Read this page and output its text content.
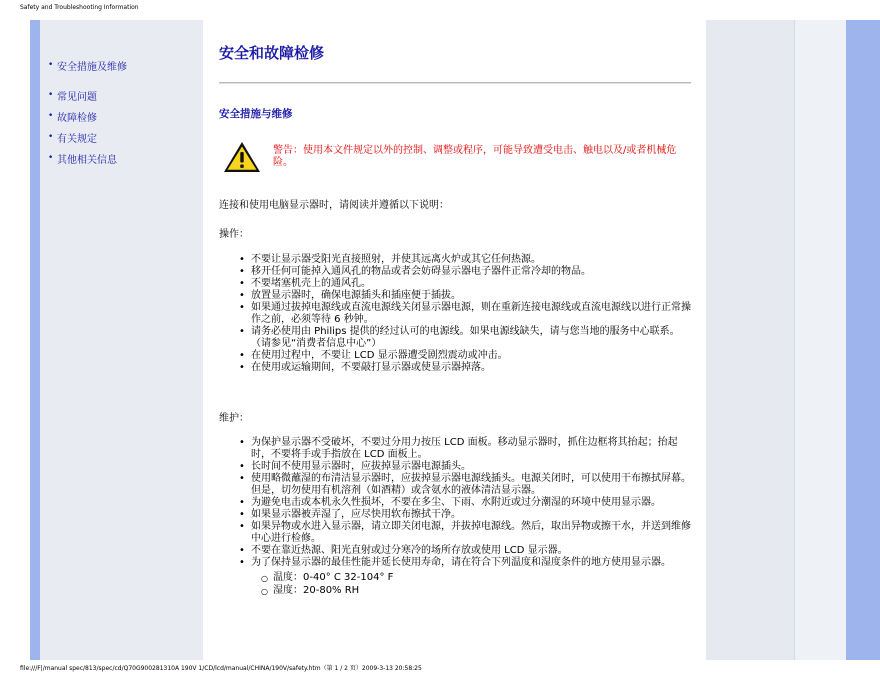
Safety and Troubleshooting Information
• 安全措施及维修
• 常见问题
• 故障检修
• 有关规定
• 其他相关信息
安全和故障检修
安全措施与维修
警告：使用本文件规定以外的控制、调整或程序，可能导致遭受电击、触电以及/或者机械危险。

连接和使用电脑显示器时，请阅读并遵循以下说明：

操作：

• 不要让显示器受阳光直接照射，并使其远离火炉或其它任何热源。
• 移开任何可能掉入通风孔的物品或者会妨碍显示器电子器件正常冷却的物品。
• 不要堵塞机壳上的通风孔。
• 放置显示器时，确保电源插头和插座便于插拔。
• 如果通过拔掉电源线或直流电源线关闭显示器电源，则在重新连接电源线或直流电源线以进行正常操作之前，必须等待 6 秒钟。
• 请务必使用由 Philips 提供的经过认可的电源线。如果电源线缺失，请与您当地的服务中心联系。（请参见“消费者信息中心”）
• 在使用过程中，不要让 LCD 显示器遭受剧烈震动或冲击。
• 在使用或运输期间，不要敲打显示器或使显示器掉落。

维护：

• 为保护显示器不受破坏，不要过分用力按压 LCD 面板。移动显示器时，抓住边框将其抬起；抬起时，不要将手或手指放在 LCD 面板上。
• 长时间不使用显示器时，应拔掉显示器电源插头。
• 使用略微蘸湿的布清洁显示器时，应拔掉显示器电源线插头。电源关闭时，可以使用干布擦拭屏幕。但是，切勿使用有机溶剂（如酒精）或含氨水的液体清洁显示器。
• 为避免电击或本机永久性损坏，不要在多尘、下雨、水附近或过分潮湿的环境中使用显示器。
• 如果显示器被弄湿了，应尽快用软布擦拭干净。
• 如果异物或水进入显示器，请立即关闭电源，并拔掉电源线。然后，取出异物或擦干水，并送到维修中心进行检修。
• 不要在靠近热源、阳光直射或过分寒冷的场所存放或使用 LCD 显示器。
• 为了保持显示器的最佳性能并延长使用寿命，请在符合下列温度和湿度条件的地方使用显示器。
○ 温度：0-40° C 32-104° F
○ 湿度：20-80% RH
file:///F|/manual spec/813/spec/cd/Q70G900281310A 190V 1/CD/lcd/manual/CHINA/190V/safety.htm（第 1 / 2 页）2009-3-13 20:58:25
